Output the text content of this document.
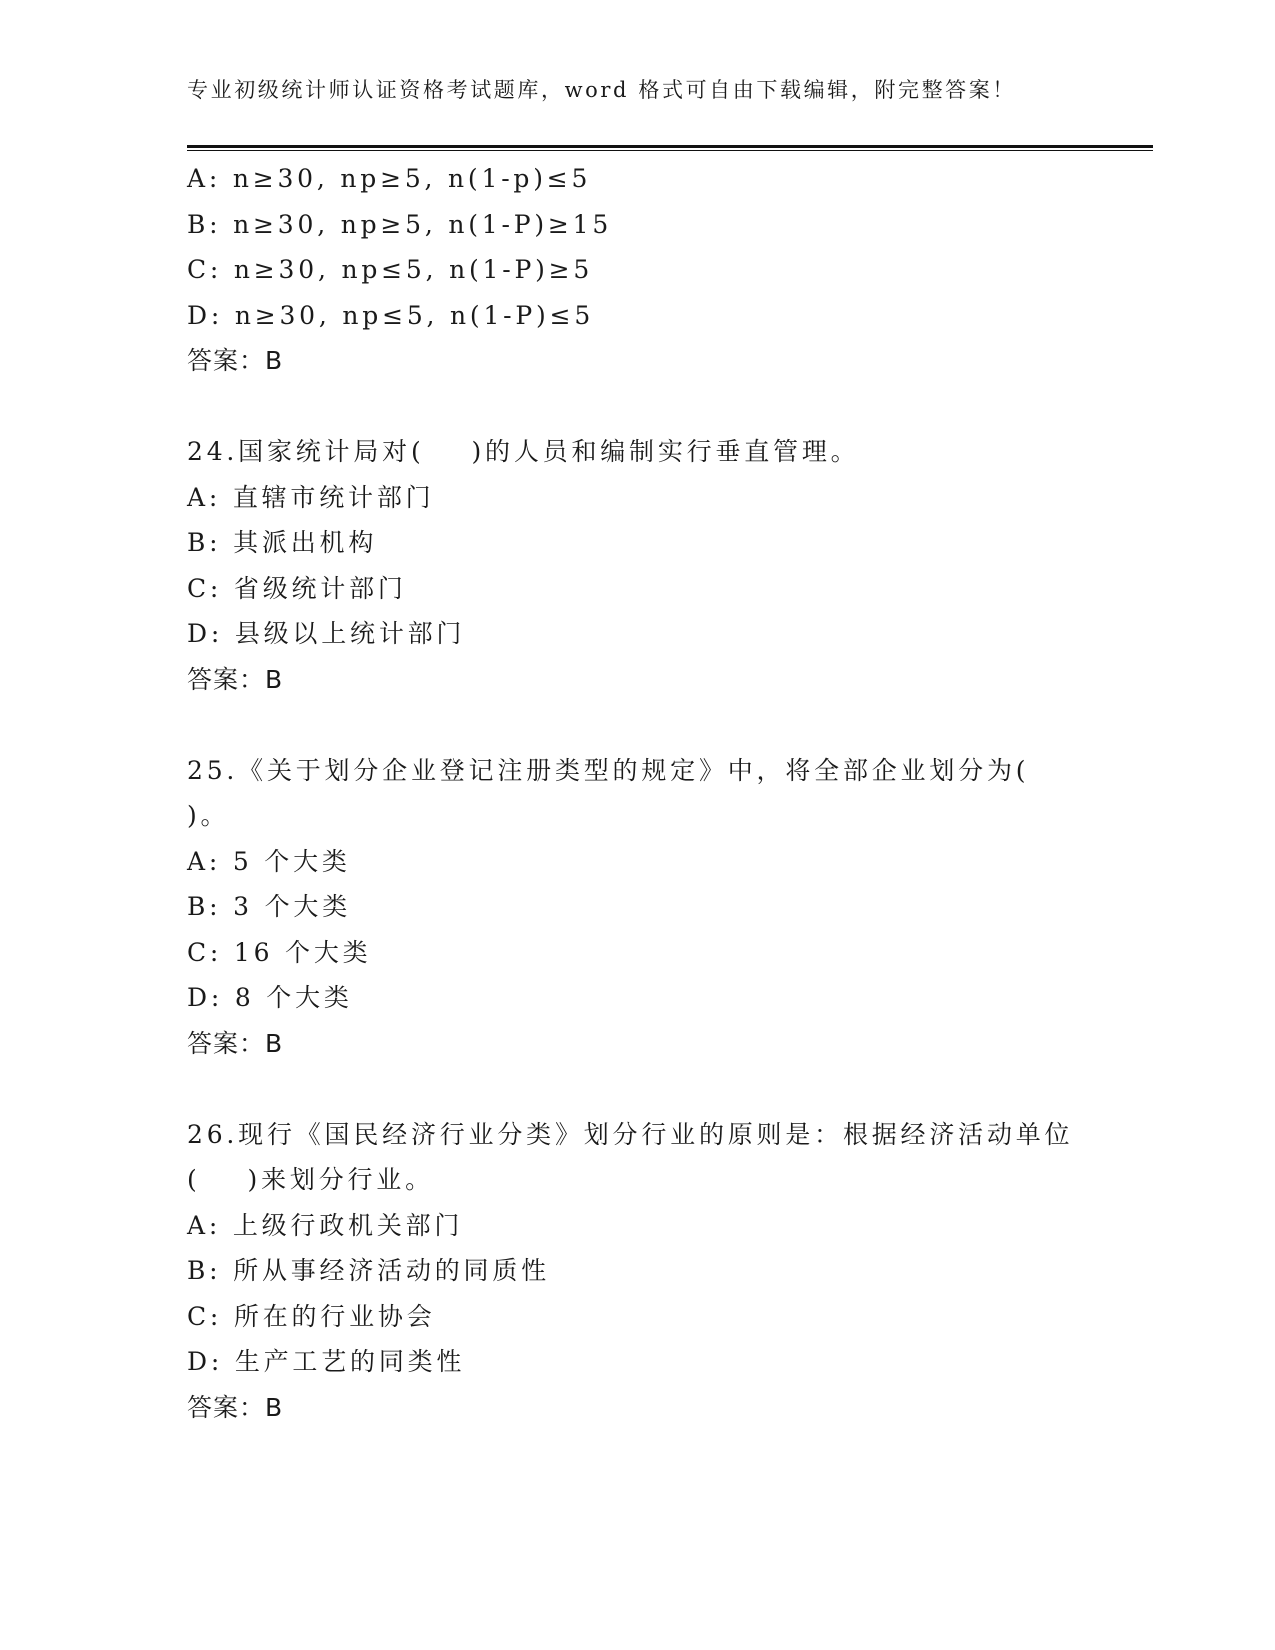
专业初级统计师认证资格考试题库，word 格式可自由下载编辑，附完整答案！
A: n≥30, np≥5, n(1-p)≤5
B: n≥30, np≥5, n(1-P)≥15
C: n≥30, np≤5, n(1-P)≥5
D: n≥30, np≤5, n(1-P)≤5
答案：B
24.国家统计局对(    )的人员和编制实行垂直管理。
A: 直辖市统计部门
B: 其派出机构
C: 省级统计部门
D: 县级以上统计部门
答案：B
25.《关于划分企业登记注册类型的规定》中，将全部企业划分为(
)。
A: 5 个大类
B: 3 个大类
C: 16 个大类
D: 8 个大类
答案：B
26.现行《国民经济行业分类》划分行业的原则是：根据经济活动单位
(    )来划分行业。
A: 上级行政机关部门
B: 所从事经济活动的同质性
C: 所在的行业协会
D: 生产工艺的同类性
答案：B
